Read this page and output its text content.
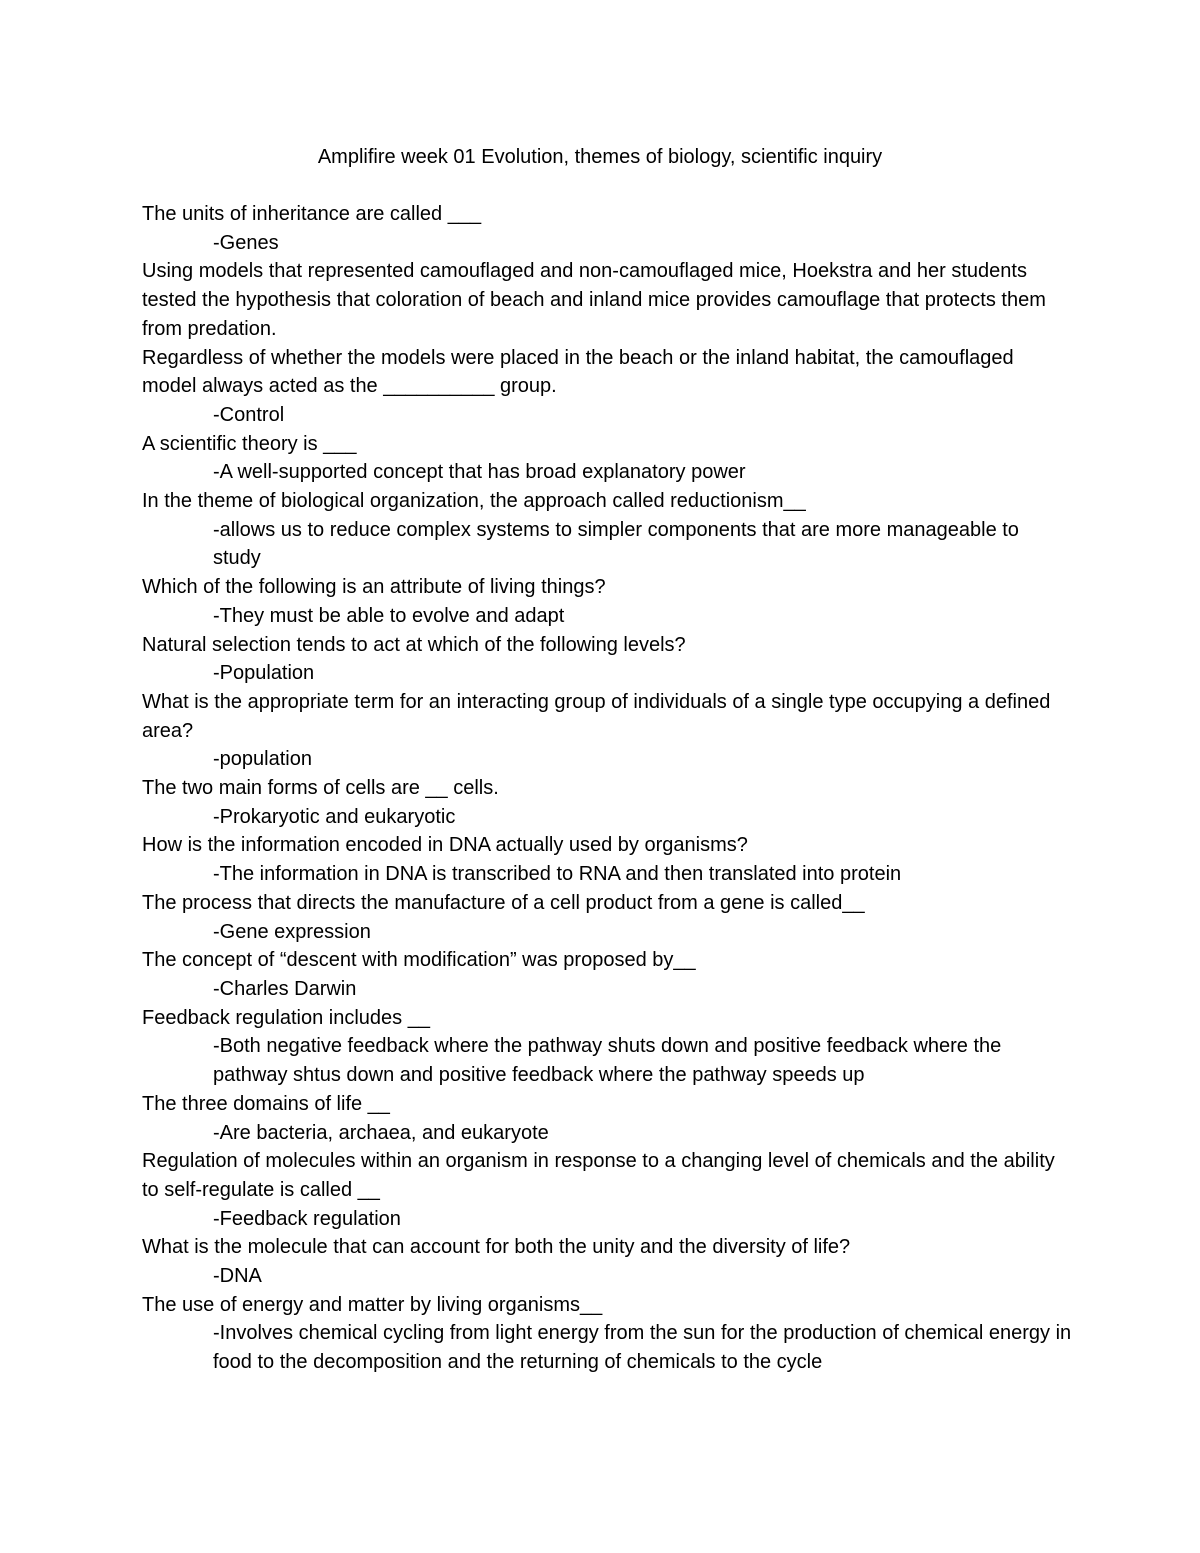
Amplifire week 01 Evolution, themes of biology, scientific inquiry

The units of inheritance are called ___

-Genes

Using models that represented camouflaged and non-camouflaged mice, Hoekstra and her students tested the hypothesis that coloration of beach and inland mice provides camouflage that protects them from predation.
Regardless of whether the models were placed in the beach or the inland habitat, the camouflaged model always acted as the __________ group.

-Control

A scientific theory is ___

-A well-supported concept that has broad explanatory power

In the theme of biological organization, the approach called reductionism__

-allows us to reduce complex systems to simpler components that are more manageable to study

Which of the following is an attribute of living things?

-They must be able to evolve and adapt

Natural selection tends to act at which of the following levels?

-Population

What is the appropriate term for an interacting group of individuals of a single type occupying a defined area?

-population

The two main forms of cells are __ cells.

-Prokaryotic and eukaryotic

How is the information encoded in DNA actually used by organisms?

-The information in DNA is transcribed to RNA and then translated into protein

The process that directs the manufacture of a cell product from a gene is called__

-Gene expression

The concept of “descent with modification” was proposed by__

-Charles Darwin

Feedback regulation includes __

-Both negative feedback where the pathway shuts down and positive feedback where the pathway shtus down and positive feedback where the pathway speeds up

The three domains of life __

-Are bacteria, archaea, and eukaryote

Regulation of molecules within an organism in response to a changing level of chemicals and the ability to self-regulate is called __

-Feedback regulation

What is the molecule that can account for both the unity and the diversity of life?

-DNA

The use of energy and matter by living organisms__

-Involves chemical cycling from light energy from the sun for the production of chemical energy in food to the decomposition and the returning of chemicals to the cycle
